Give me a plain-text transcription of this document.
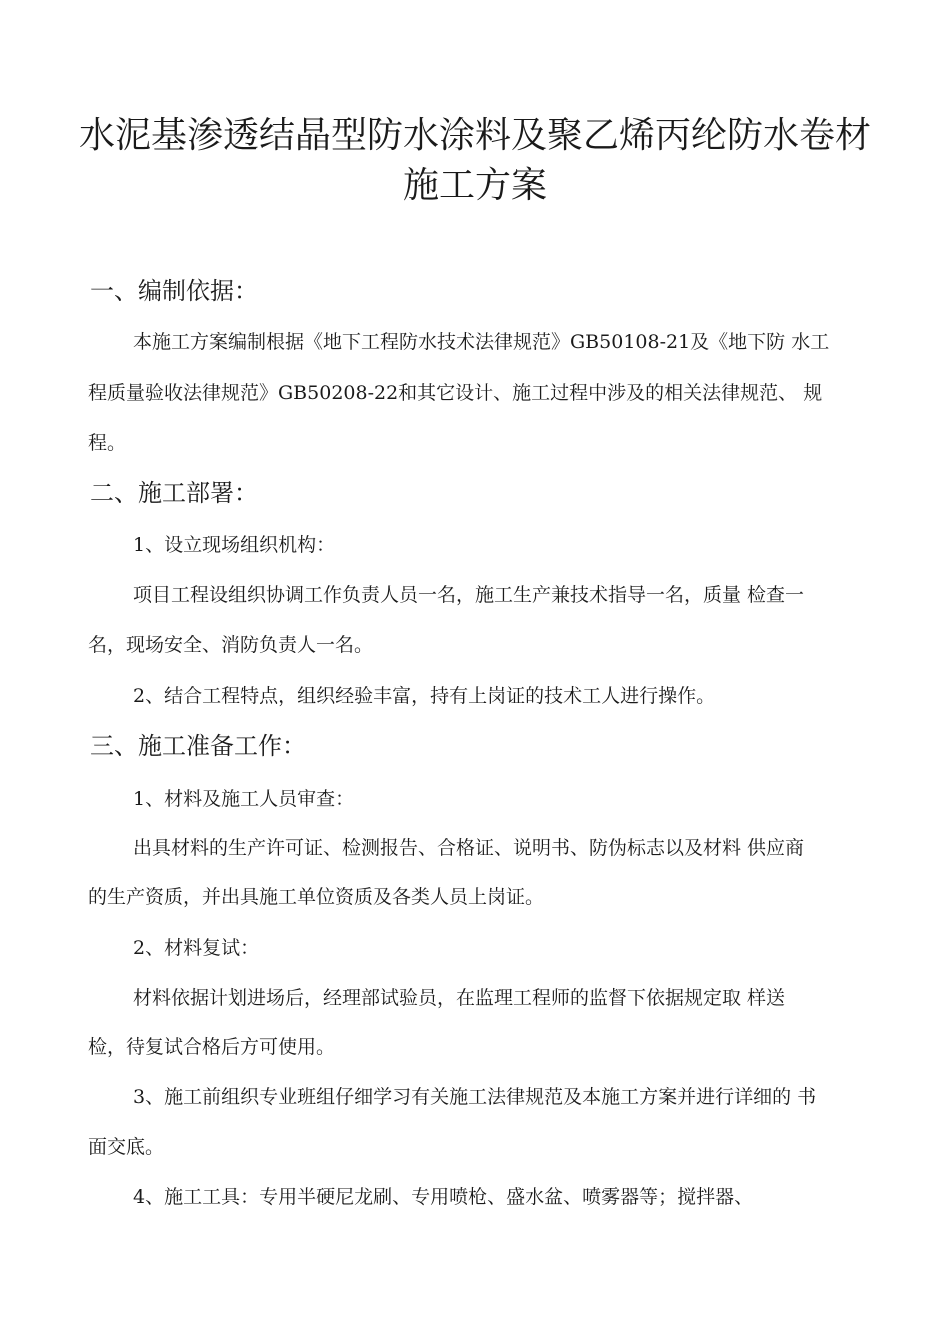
水泥基渗透结晶型防水涂料及聚乙烯丙纶防水卷材
施工方案
一、编制依据：
本施工方案编制根据《地下工程防水技术法律规范》GB50108-21及《地下防 水工
程质量验收法律规范》GB50208-22和其它设计、施工过程中涉及的相关法律规范、 规
程。
二、施工部署：
1、设立现场组织机构：
项目工程设组织协调工作负责人员一名，施工生产兼技术指导一名，质量 检查一
名，现场安全、消防负责人一名。
2、结合工程特点，组织经验丰富，持有上岗证的技术工人进行操作。
三、施工准备工作：
1、材料及施工人员审查：
出具材料的生产许可证、检测报告、合格证、说明书、防伪标志以及材料 供应商
的生产资质，并出具施工单位资质及各类人员上岗证。
2、材料复试：
材料依据计划进场后，经理部试验员，在监理工程师的监督下依据规定取 样送
检，待复试合格后方可使用。
3、施工前组织专业班组仔细学习有关施工法律规范及本施工方案并进行详细的 书
面交底。
4、施工工具：专用半硬尼龙刷、专用喷枪、盛水盆、喷雾器等；搅拌器、
